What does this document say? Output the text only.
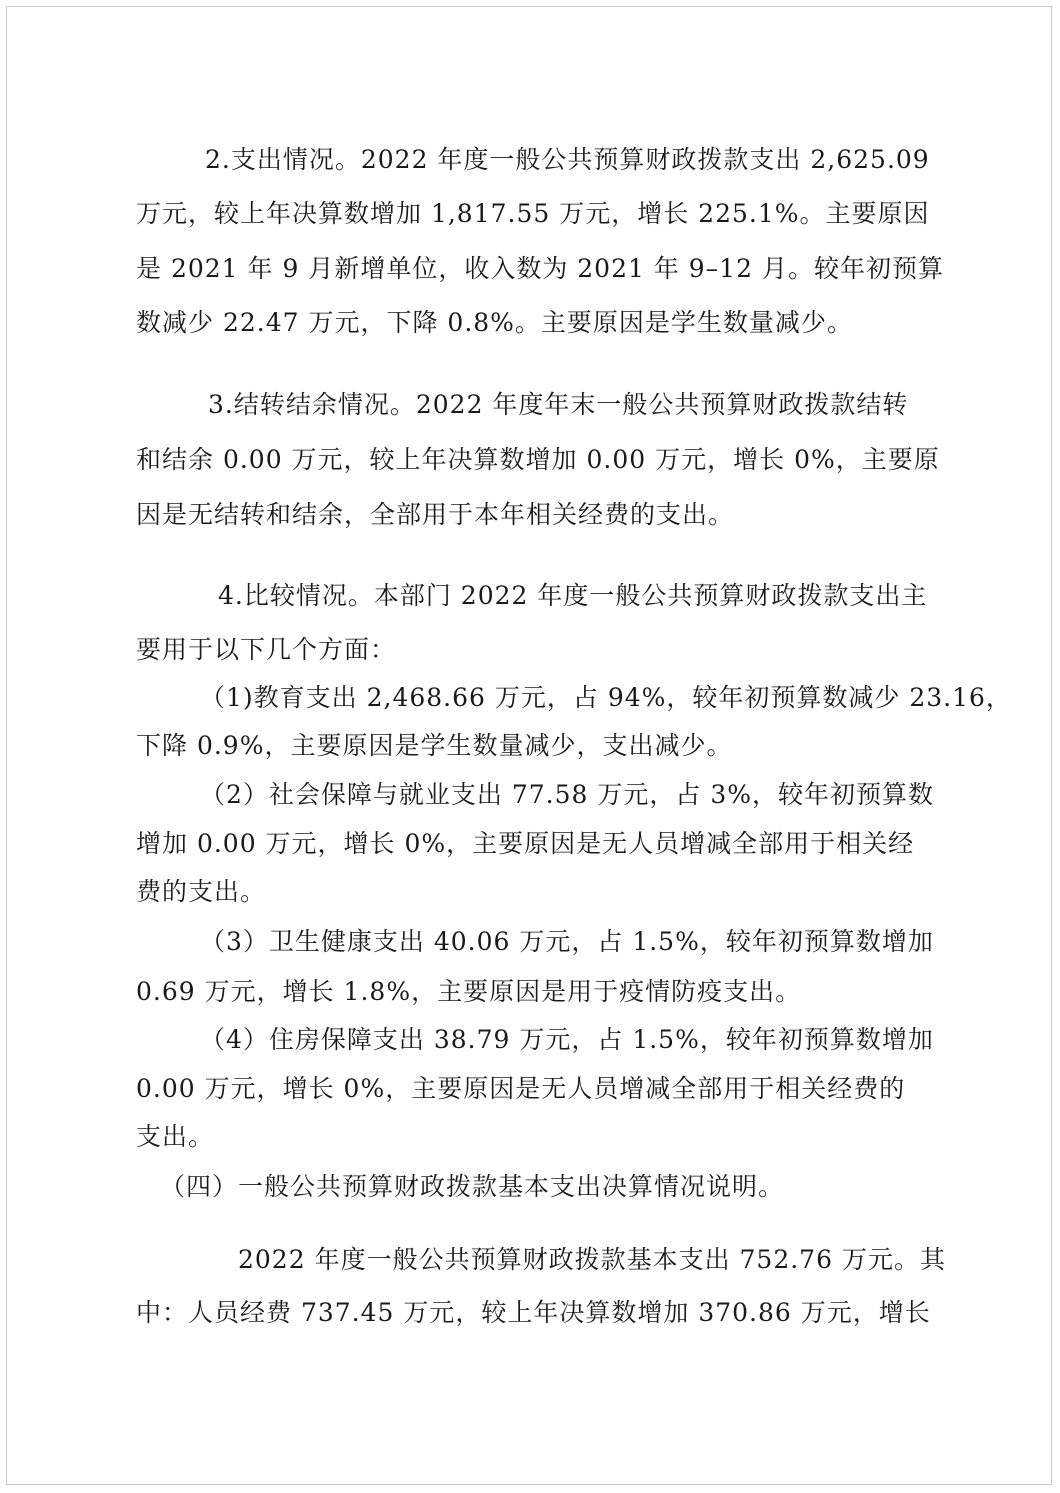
2.支出情况。2022 年度一般公共预算财政拨款支出 2,625.09
万元，较上年决算数增加 1,817.55 万元，增长 225.1%。主要原因
是 2021 年 9 月新增单位，收入数为 2021 年 9–12 月。较年初预算
数减少 22.47 万元，下降 0.8%。主要原因是学生数量减少。
3.结转结余情况。2022 年度年末一般公共预算财政拨款结转
和结余 0.00 万元，较上年决算数增加 0.00 万元，增长 0%，主要原
因是无结转和结余，全部用于本年相关经费的支出。
4.比较情况。本部门 2022 年度一般公共预算财政拨款支出主
要用于以下几个方面：
（1)教育支出 2,468.66 万元，占 94%，较年初预算数减少 23.16，
下降 0.9%，主要原因是学生数量减少，支出减少。
（2）社会保障与就业支出 77.58 万元，占 3%，较年初预算数
增加 0.00 万元，增长 0%，主要原因是无人员增减全部用于相关经
费的支出。
（3）卫生健康支出 40.06 万元，占 1.5%，较年初预算数增加
0.69 万元，增长 1.8%，主要原因是用于疫情防疫支出。
（4）住房保障支出 38.79 万元，占 1.5%，较年初预算数增加
0.00 万元，增长 0%，主要原因是无人员增减全部用于相关经费的
支出。
（四）一般公共预算财政拨款基本支出决算情况说明。
2022 年度一般公共预算财政拨款基本支出 752.76 万元。其
中：人员经费 737.45 万元，较上年决算数增加 370.86 万元，增长
